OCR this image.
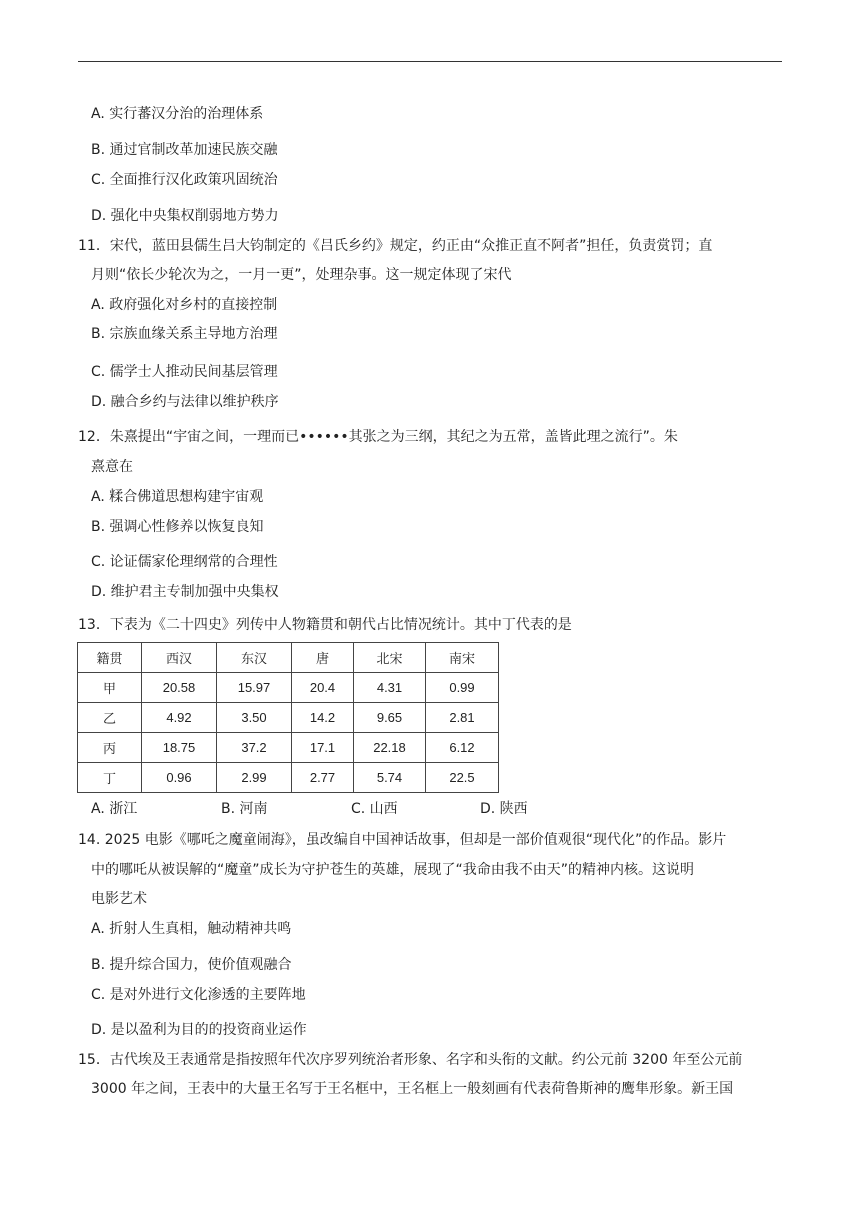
A. 实行蕃汉分治的治理体系
B. 通过官制改革加速民族交融
C. 全面推行汉化政策巩固统治
D. 强化中央集权削弱地方势力
11．宋代，蓝田县儒生吕大钧制定的《吕氏乡约》规定，约正由“众推正直不阿者”担任，负责赏罚；直
月则“依长少轮次为之，一月一更”，处理杂事。这一规定体现了宋代
A. 政府强化对乡村的直接控制
B. 宗族血缘关系主导地方治理
C. 儒学士人推动民间基层管理
D. 融合乡约与法律以维护秩序
12．朱熹提出“宇宙之间，一理而已••••••其张之为三纲，其纪之为五常，盖皆此理之流行”。朱
熹意在
A. 糅合佛道思想构建宇宙观
B. 强调心性修养以恢复良知
C. 论证儒家伦理纲常的合理性
D. 维护君主专制加强中央集权
13．下表为《二十四史》列传中人物籍贯和朝代占比情况统计。其中丁代表的是
籍贯	西汉	东汉	唐	北宋	南宋
甲	20.58	15.97	20.4	4.31	0.99
乙	4.92	3.50	14.2	9.65	2.81
丙	18.75	37.2	17.1	22.18	6.12
丁	0.96	2.99	2.77	5.74	22.5
A. 浙江	B. 河南	C. 山西	D. 陕西
14. 2025 电影《哪吒之魔童闹海》，虽改编自中国神话故事，但却是一部价值观很“现代化”的作品。影片
中的哪吒从被误解的“魔童”成长为守护苍生的英雄，展现了“我命由我不由天”的精神内核。这说明
电影艺术
A. 折射人生真相，触动精神共鸣
B. 提升综合国力，使价值观融合
C. 是对外进行文化渗透的主要阵地
D. 是以盈利为目的的投资商业运作
15．古代埃及王表通常是指按照年代次序罗列统治者形象、名字和头衔的文献。约公元前 3200 年至公元前
3000 年之间，王表中的大量王名写于王名框中，王名框上一般刻画有代表荷鲁斯神的鹰隼形象。新王国
